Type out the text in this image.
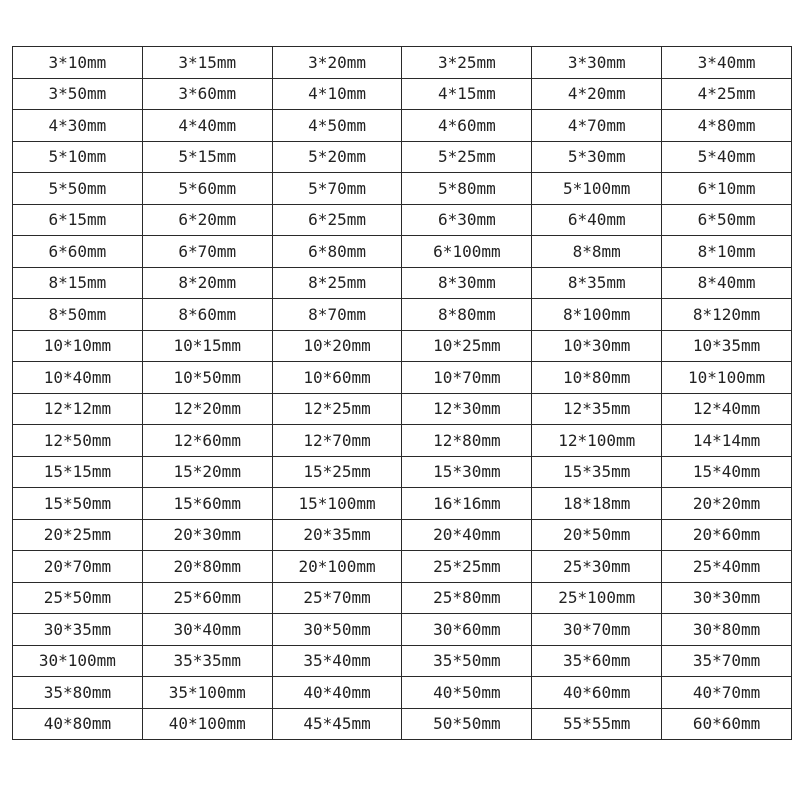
3*10mm	3*15mm	3*20mm	3*25mm	3*30mm	3*40mm
3*50mm	3*60mm	4*10mm	4*15mm	4*20mm	4*25mm
4*30mm	4*40mm	4*50mm	4*60mm	4*70mm	4*80mm
5*10mm	5*15mm	5*20mm	5*25mm	5*30mm	5*40mm
5*50mm	5*60mm	5*70mm	5*80mm	5*100mm	6*10mm
6*15mm	6*20mm	6*25mm	6*30mm	6*40mm	6*50mm
6*60mm	6*70mm	6*80mm	6*100mm	8*8mm	8*10mm
8*15mm	8*20mm	8*25mm	8*30mm	8*35mm	8*40mm
8*50mm	8*60mm	8*70mm	8*80mm	8*100mm	8*120mm
10*10mm	10*15mm	10*20mm	10*25mm	10*30mm	10*35mm
10*40mm	10*50mm	10*60mm	10*70mm	10*80mm	10*100mm
12*12mm	12*20mm	12*25mm	12*30mm	12*35mm	12*40mm
12*50mm	12*60mm	12*70mm	12*80mm	12*100mm	14*14mm
15*15mm	15*20mm	15*25mm	15*30mm	15*35mm	15*40mm
15*50mm	15*60mm	15*100mm	16*16mm	18*18mm	20*20mm
20*25mm	20*30mm	20*35mm	20*40mm	20*50mm	20*60mm
20*70mm	20*80mm	20*100mm	25*25mm	25*30mm	25*40mm
25*50mm	25*60mm	25*70mm	25*80mm	25*100mm	30*30mm
30*35mm	30*40mm	30*50mm	30*60mm	30*70mm	30*80mm
30*100mm	35*35mm	35*40mm	35*50mm	35*60mm	35*70mm
35*80mm	35*100mm	40*40mm	40*50mm	40*60mm	40*70mm
40*80mm	40*100mm	45*45mm	50*50mm	55*55mm	60*60mm
